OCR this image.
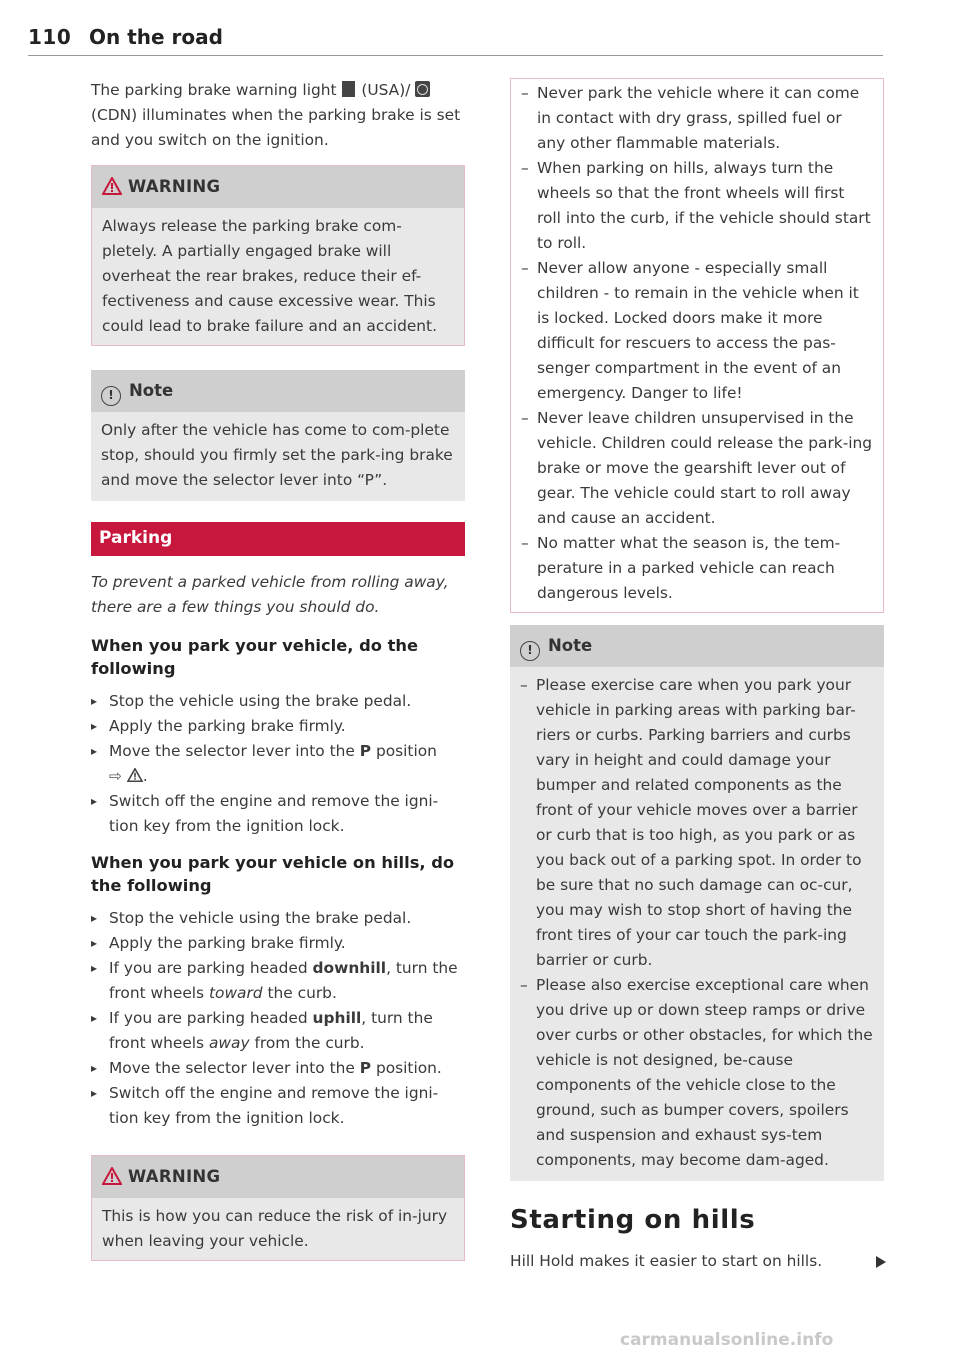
110 On the road

The parking brake warning light (USA)/  (CDN) illuminates when the parking brake is set and you switch on the ignition.

WARNING
Always release the parking brake com-pletely. A partially engaged brake will overheat the rear brakes, reduce their ef-fectiveness and cause excessive wear. This could lead to brake failure and an accident.
! Note
Only after the vehicle has come to com-plete stop, should you firmly set the park-ing brake and move the selector lever into “P”.
Parking

To prevent a parked vehicle from rolling away, there are a few things you should do.

When you park your vehicle, do the following
▸ Stop the vehicle using the brake pedal.
▸ Apply the parking brake firmly.
▸ Move the selector lever into the P position
⇨ .
▸ Switch off the engine and remove the igni-tion key from the ignition lock.
When you park your vehicle on hills, do the following
▸ Stop the vehicle using the brake pedal.
▸ Apply the parking brake firmly.
▸ If you are parking headed downhill, turn the front wheels toward the curb.
▸ If you are parking headed uphill, turn the front wheels away from the curb.
▸ Move the selector lever into the P position.
▸ Switch off the engine and remove the igni-tion key from the ignition lock.
WARNING
This is how you can reduce the risk of in-jury when leaving your vehicle.
– Never park the vehicle where it can come in contact with dry grass, spilled fuel or any other flammable materials.
– When parking on hills, always turn the wheels so that the front wheels will first roll into the curb, if the vehicle should start to roll.
– Never allow anyone - especially small children - to remain in the vehicle when it is locked. Locked doors make it more difficult for rescuers to access the pas-senger compartment in the event of an emergency. Danger to life!
– Never leave children unsupervised in the vehicle. Children could release the park-ing brake or move the gearshift lever out of gear. The vehicle could start to roll away and cause an accident.
– No matter what the season is, the tem-perature in a parked vehicle can reach dangerous levels.
! Note
– Please exercise care when you park your vehicle in parking areas with parking bar-riers or curbs. Parking barriers and curbs vary in height and could damage your bumper and related components as the front of your vehicle moves over a barrier or curb that is too high, as you park or as you back out of a parking spot. In order to be sure that no such damage can oc-cur, you may wish to stop short of having the front tires of your car touch the park-ing barrier or curb.
– Please also exercise exceptional care when you drive up or down steep ramps or drive over curbs or other obstacles, for which the vehicle is not designed, be-cause components of the vehicle close to the ground, such as bumper covers, spoilers and suspension and exhaust sys-tem components, may become dam-aged.
Starting on hills

Hill Hold makes it easier to start on hills.

carmanualsonline.info
